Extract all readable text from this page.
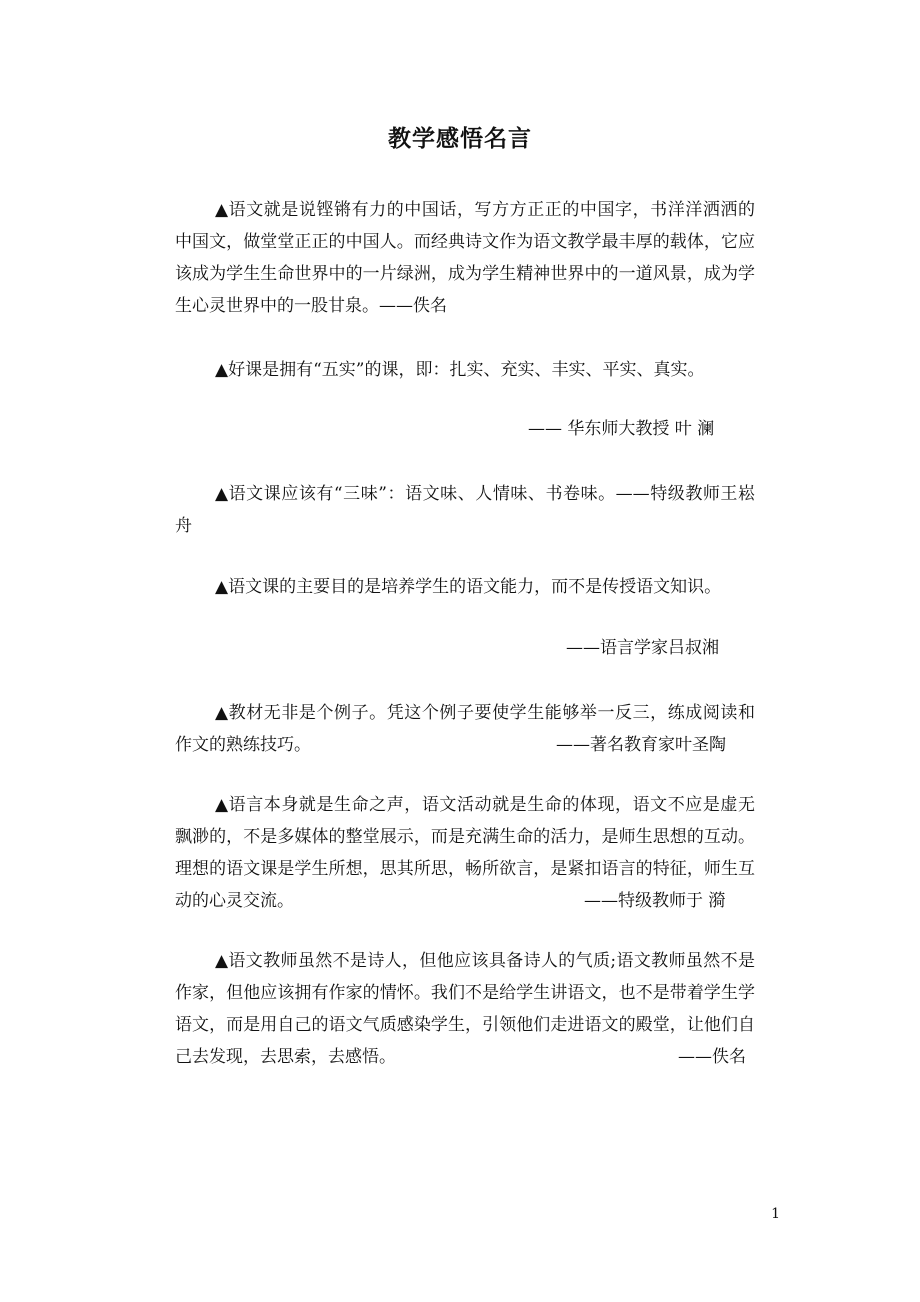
教学感悟名言

▲语文就是说铿锵有力的中国话，写方方正正的中国字，书洋洋洒洒的中国文，做堂堂正正的中国人。而经典诗文作为语文教学最丰厚的载体，它应该成为学生生命世界中的一片绿洲，成为学生精神世界中的一道风景，成为学生心灵世界中的一股甘泉。——佚名

▲好课是拥有“五实”的课，即：扎实、充实、丰实、平实、真实。

—— 华东师大教授 叶 澜

▲语文课应该有“三味”：语文味、人情味、书卷味。——特级教师王崧舟

▲语文课的主要目的是培养学生的语文能力，而不是传授语文知识。

——语言学家吕叔湘

▲教材无非是个例子。凭这个例子要使学生能够举一反三，练成阅读和作文的熟练技巧。	——著名教育家叶圣陶

▲语言本身就是生命之声，语文活动就是生命的体现，语文不应是虚无飘渺的，不是多媒体的整堂展示，而是充满生命的活力，是师生思想的互动。理想的语文课是学生所想，思其所思，畅所欲言，是紧扣语言的特征，师生互动的心灵交流。	——特级教师于 漪

▲语文教师虽然不是诗人，但他应该具备诗人的气质;语文教师虽然不是作家，但他应该拥有作家的情怀。我们不是给学生讲语文，也不是带着学生学语文，而是用自己的语文气质感染学生，引领他们走进语文的殿堂，让他们自己去发现，去思索，去感悟。	——佚名
1
